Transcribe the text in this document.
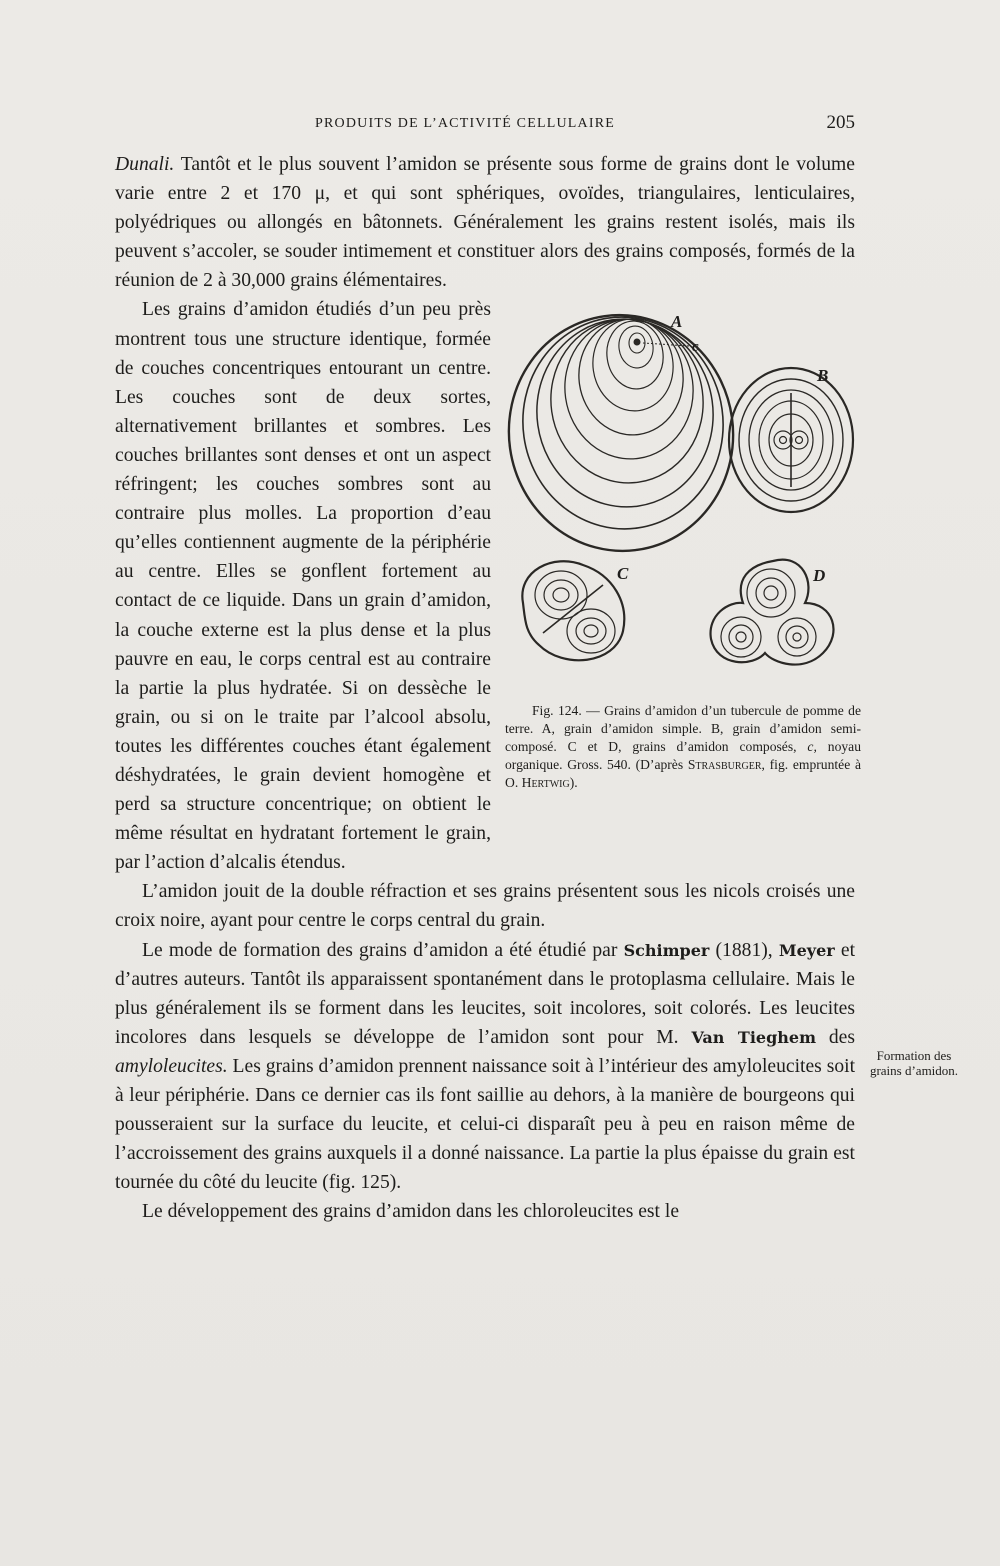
PRODUITS DE L’ACTIVITÉ CELLULAIRE	205

Dunali. Tantôt et le plus souvent l’amidon se présente sous forme de grains dont le volume varie entre 2 et 170 μ, et qui sont sphériques, ovoïdes, triangulaires, lenticulaires, polyédriques ou allongés en bâtonnets. Généralement les grains restent isolés, mais ils peuvent s’accoler, se souder intimement et constituer alors des grains composés, formés de la réunion de 2 à 30,000 grains élémentaires.

A
c
B
C	D
Fig. 124. — Grains d’amidon d’un tubercule de pomme de terre. A, grain d’amidon simple. B, grain d’amidon semi-composé. C et D, grains d’amidon composés, c, noyau organique. Gross. 540. (D’après Strasburger, fig. empruntée à O. Hertwig).
Les grains d’amidon étudiés d’un peu près montrent tous une structure identique, formée de couches concentriques entourant un centre. Les couches sont de deux sortes, alternativement brillantes et sombres. Les couches brillantes sont denses et ont un aspect réfringent; les couches sombres sont au contraire plus molles. La proportion d’eau qu’elles contiennent augmente de la périphérie au centre. Elles se gonflent fortement au contact de ce liquide. Dans un grain d’amidon, la couche externe est la plus dense et la plus pauvre en eau, le corps central est au contraire la partie la plus hydratée. Si on dessèche le grain, ou si on le traite par l’alcool absolu, toutes les différentes couches étant également déshydratées, le grain devient homogène et perd sa structure concentrique; on obtient le même résultat en hydratant fortement le grain, par l’action d’alcalis étendus.

L’amidon jouit de la double réfraction et ses grains présentent sous les nicols croisés une croix noire, ayant pour centre le corps central du grain.

Le mode de formation des grains d’amidon a été étudié par Schimper (1881), Meyer et d’autres auteurs. Tantôt ils apparaissent spontanément dans le protoplasma cellulaire. Mais le plus généralement ils se forment dans les leucites, soit incolores, soit colorés. Les leucites incolores dans lesquels se développe de l’amidon sont pour M. Van Tieghem des amyloleucites. Les grains d’amidon prennent naissance soit à l’intérieur des amyloleucites soit à leur périphérie. Dans ce dernier cas ils font saillie au dehors, à la manière de bourgeons qui pousseraient sur la surface du leucite, et celui-ci disparaît peu à peu en raison même de l’accroissement des grains auxquels il a donné naissance. La partie la plus épaisse du grain est tournée du côté du leucite (fig. 125).

Le développement des grains d’amidon dans les chloroleucites est le

Formation des grains d’amidon.
